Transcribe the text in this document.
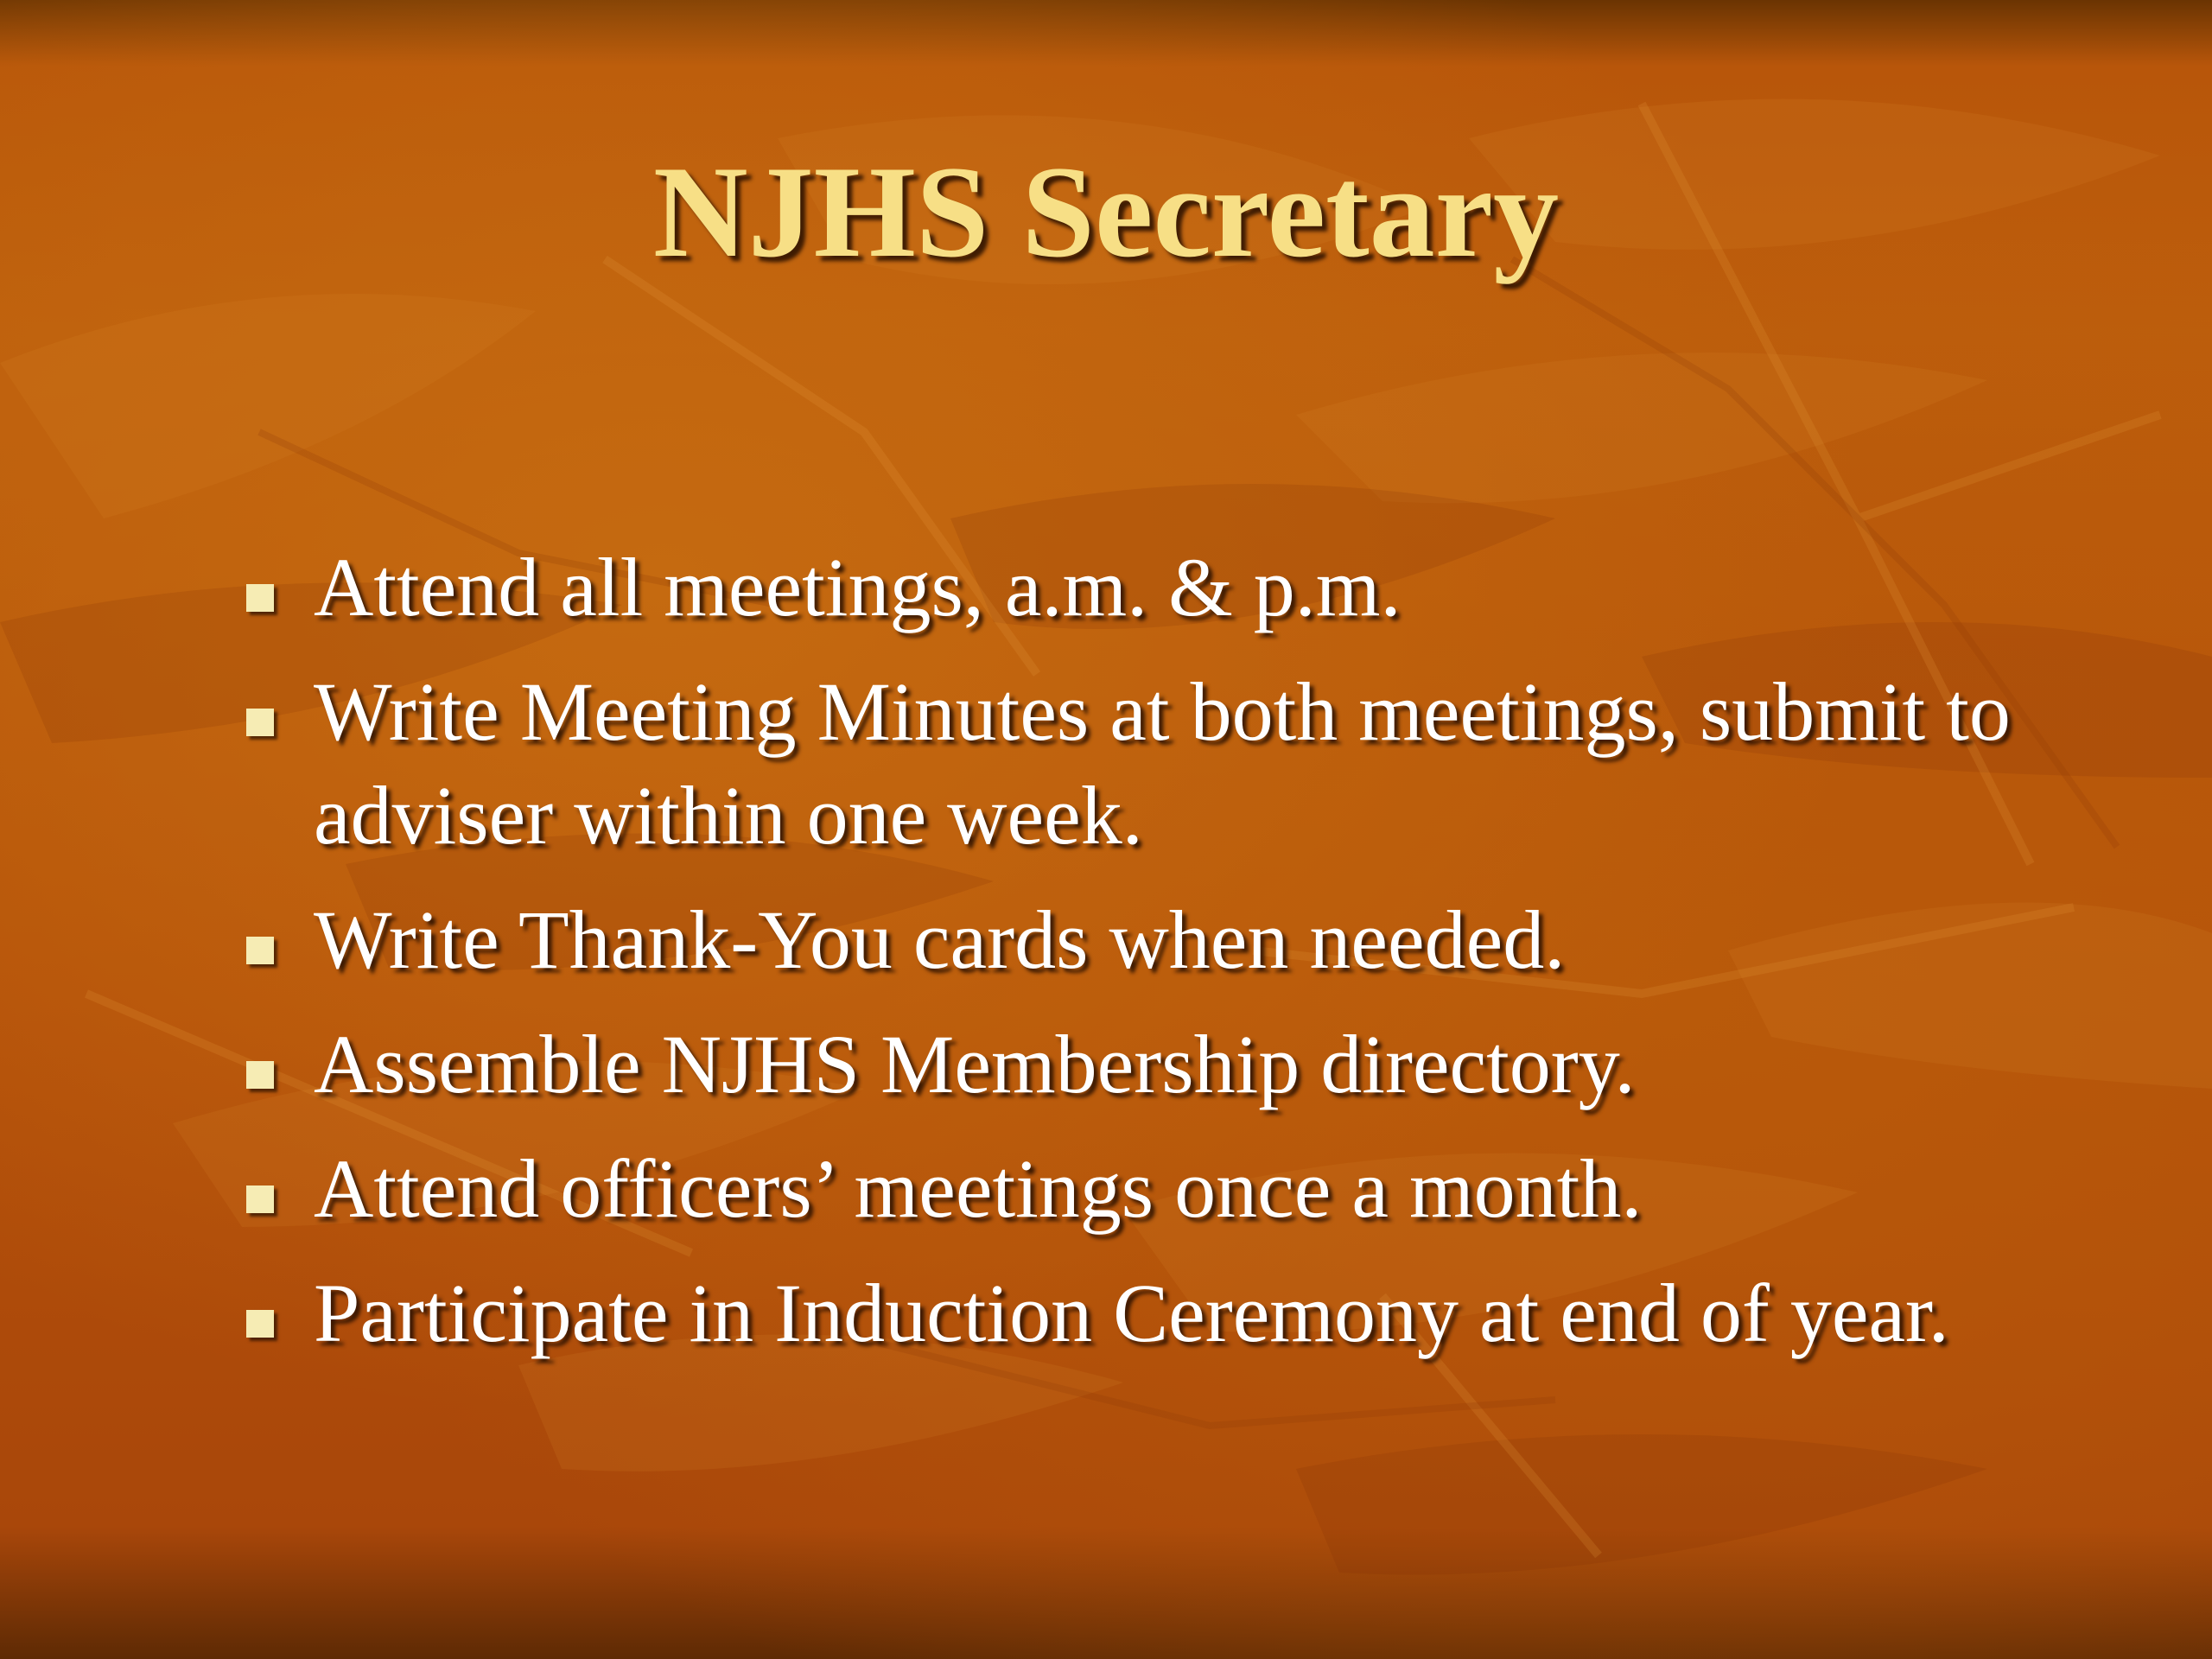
NJHS Secretary
Attend all meetings, a.m. & p.m.
Write Meeting Minutes at both meetings, submit to adviser within one week.
Write Thank-You cards when needed.
Assemble NJHS Membership directory.
Attend officers’ meetings once a month.
Participate in Induction Ceremony at end of year.
